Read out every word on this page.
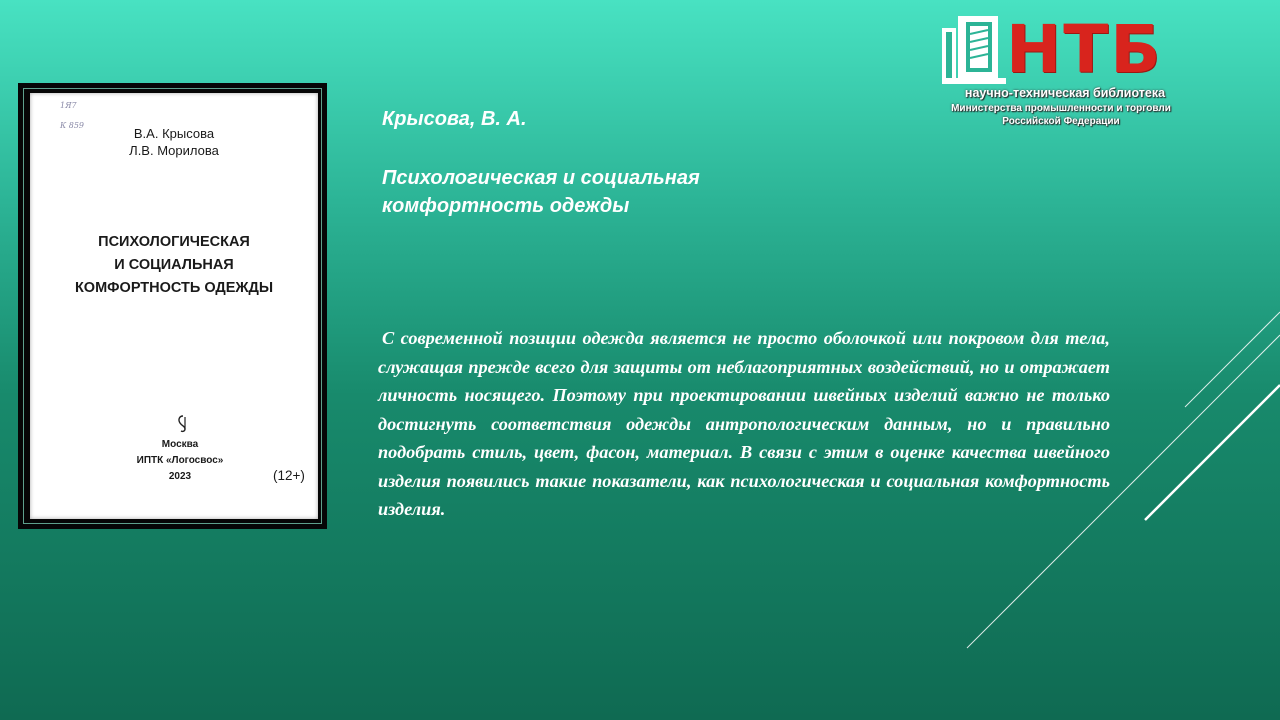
1Я7
К 859
В.А. Крысова
Л.В. Морилова
ПСИХОЛОГИЧЕСКАЯ
И СОЦИАЛЬНАЯ
КОМФОРТНОСТЬ ОДЕЖДЫ
Москва
ИПТК «Логосвос»
2023	(12+)
Крысова, В. А.
Психологическая и социальная комфортность одежды
С современной позиции одежда является не просто оболочкой или покровом для тела, служащая прежде всего для защиты от неблагоприятных воздействий, но и отражает личность носящего. Поэтому при проектировании швейных изделий важно не только достигнуть соответствия одежды антропологическим данным, но и правильно подобрать стиль, цвет, фасон, материал. В связи с этим в оценке качества швейного изделия появились такие показатели, как психологическая и социальная комфортность изделия.
НТБ
научно-техническая библиотека
Министерства промышленности и торговли
Российской Федерации
